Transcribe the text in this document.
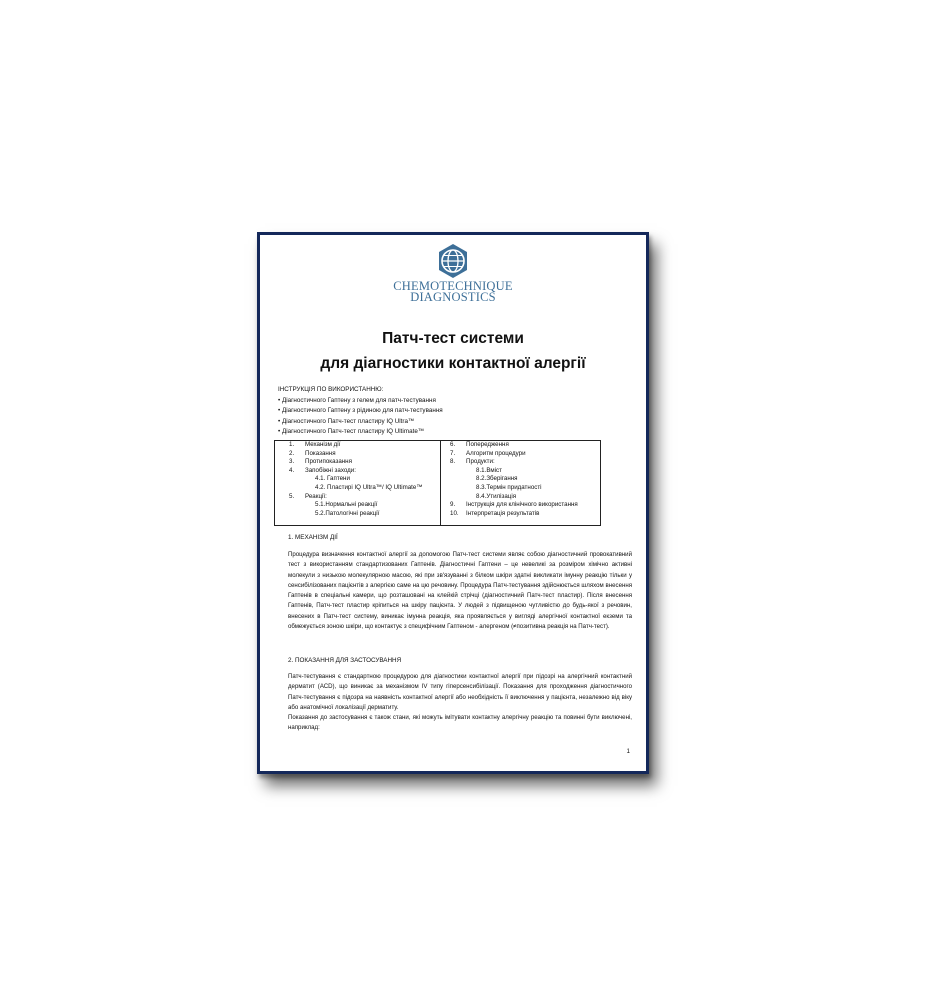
CHEMOTECHNIQUE
DIAGNOSTICS
Патч-тест системи
для діагностики контактної алергії
ІНСТРУКЦІЯ ПО ВИКОРИСТАННЮ:
• Діагностичного Гаптену з гелем для патч-тестування
• Діагностичного Гаптену з рідиною для патч-тестування
• Діагностичного Патч-тест пластиру IQ Ultra™
• Діагностичного Патч-тест пластиру IQ Ultimate™
1. Механізм дії
2. Показання
3. Протипоказання
4. Запобіжні заходи:
4.1. Гаптени
4.2. Пластирі IQ Ultra™/ IQ Ultimate™
5. Реакції:
5.1.Нормальні реакції
5.2.Патологічні реакції
6. Попередження
7. Алгоритм процедури
8. Продукти:
8.1.Вміст
8.2.Зберігання
8.3.Термін придатності
8.4.Утилізація
9. Інструкція для клінічного використання
10. Інтерпретація результатів
1. МЕХАНІЗМ ДІЇ
Процедура визначення контактної алергії за допомогою Патч-тест системи являє собою діагностичний провокативний тест з використанням стандартизованих Гаптенів. Діагностичні Гаптени – це невеликі за розміром хімічно активні молекули з низькою молекулярною масою, які при зв'язуванні з білком шкіри здатні викликати імунну реакцію тільки у сенсибілізованих пацієнтів з алергією саме на цю речовину. Процедура Патч-тестування здійснюється шляхом внесення Гаптенів в спеціальні камери, що розташовані на клейкій стрічці (діагностичний Патч-тест пластир). Після внесення Гаптенів, Патч-тест пластир кріпиться на шкіру пацієнта. У людей з підвищеною чутливістю до будь-якої з речовин, внесених в Патч-тест систему, виникає імунна реакція, яка проявляється у вигляді алергічної контактної екземи та обмежується зоною шкіри, що контактує з специфічним Гаптеном - алергеном (≠позитивна реакція на Патч-тест).
2. ПОКАЗАННЯ ДЛЯ ЗАСТОСУВАННЯ
Патч-тестування є стандартною процедурою для діагностики контактної алергії при підозрі на алергічний контактний дерматит (АСD), що виникає за механізмом IV типу гіперсенсибілізації. Показання для проходження діагностичного Патч-тестування є підозра на наявність контактної алергії або необхідність її виключення у пацієнта, незалежно від віку або анатомічної локалізації дерматиту.
Показання до застосування є також стани, які можуть імітувати контактну алергічну реакцію та повинні бути виключені, наприклад:
1
